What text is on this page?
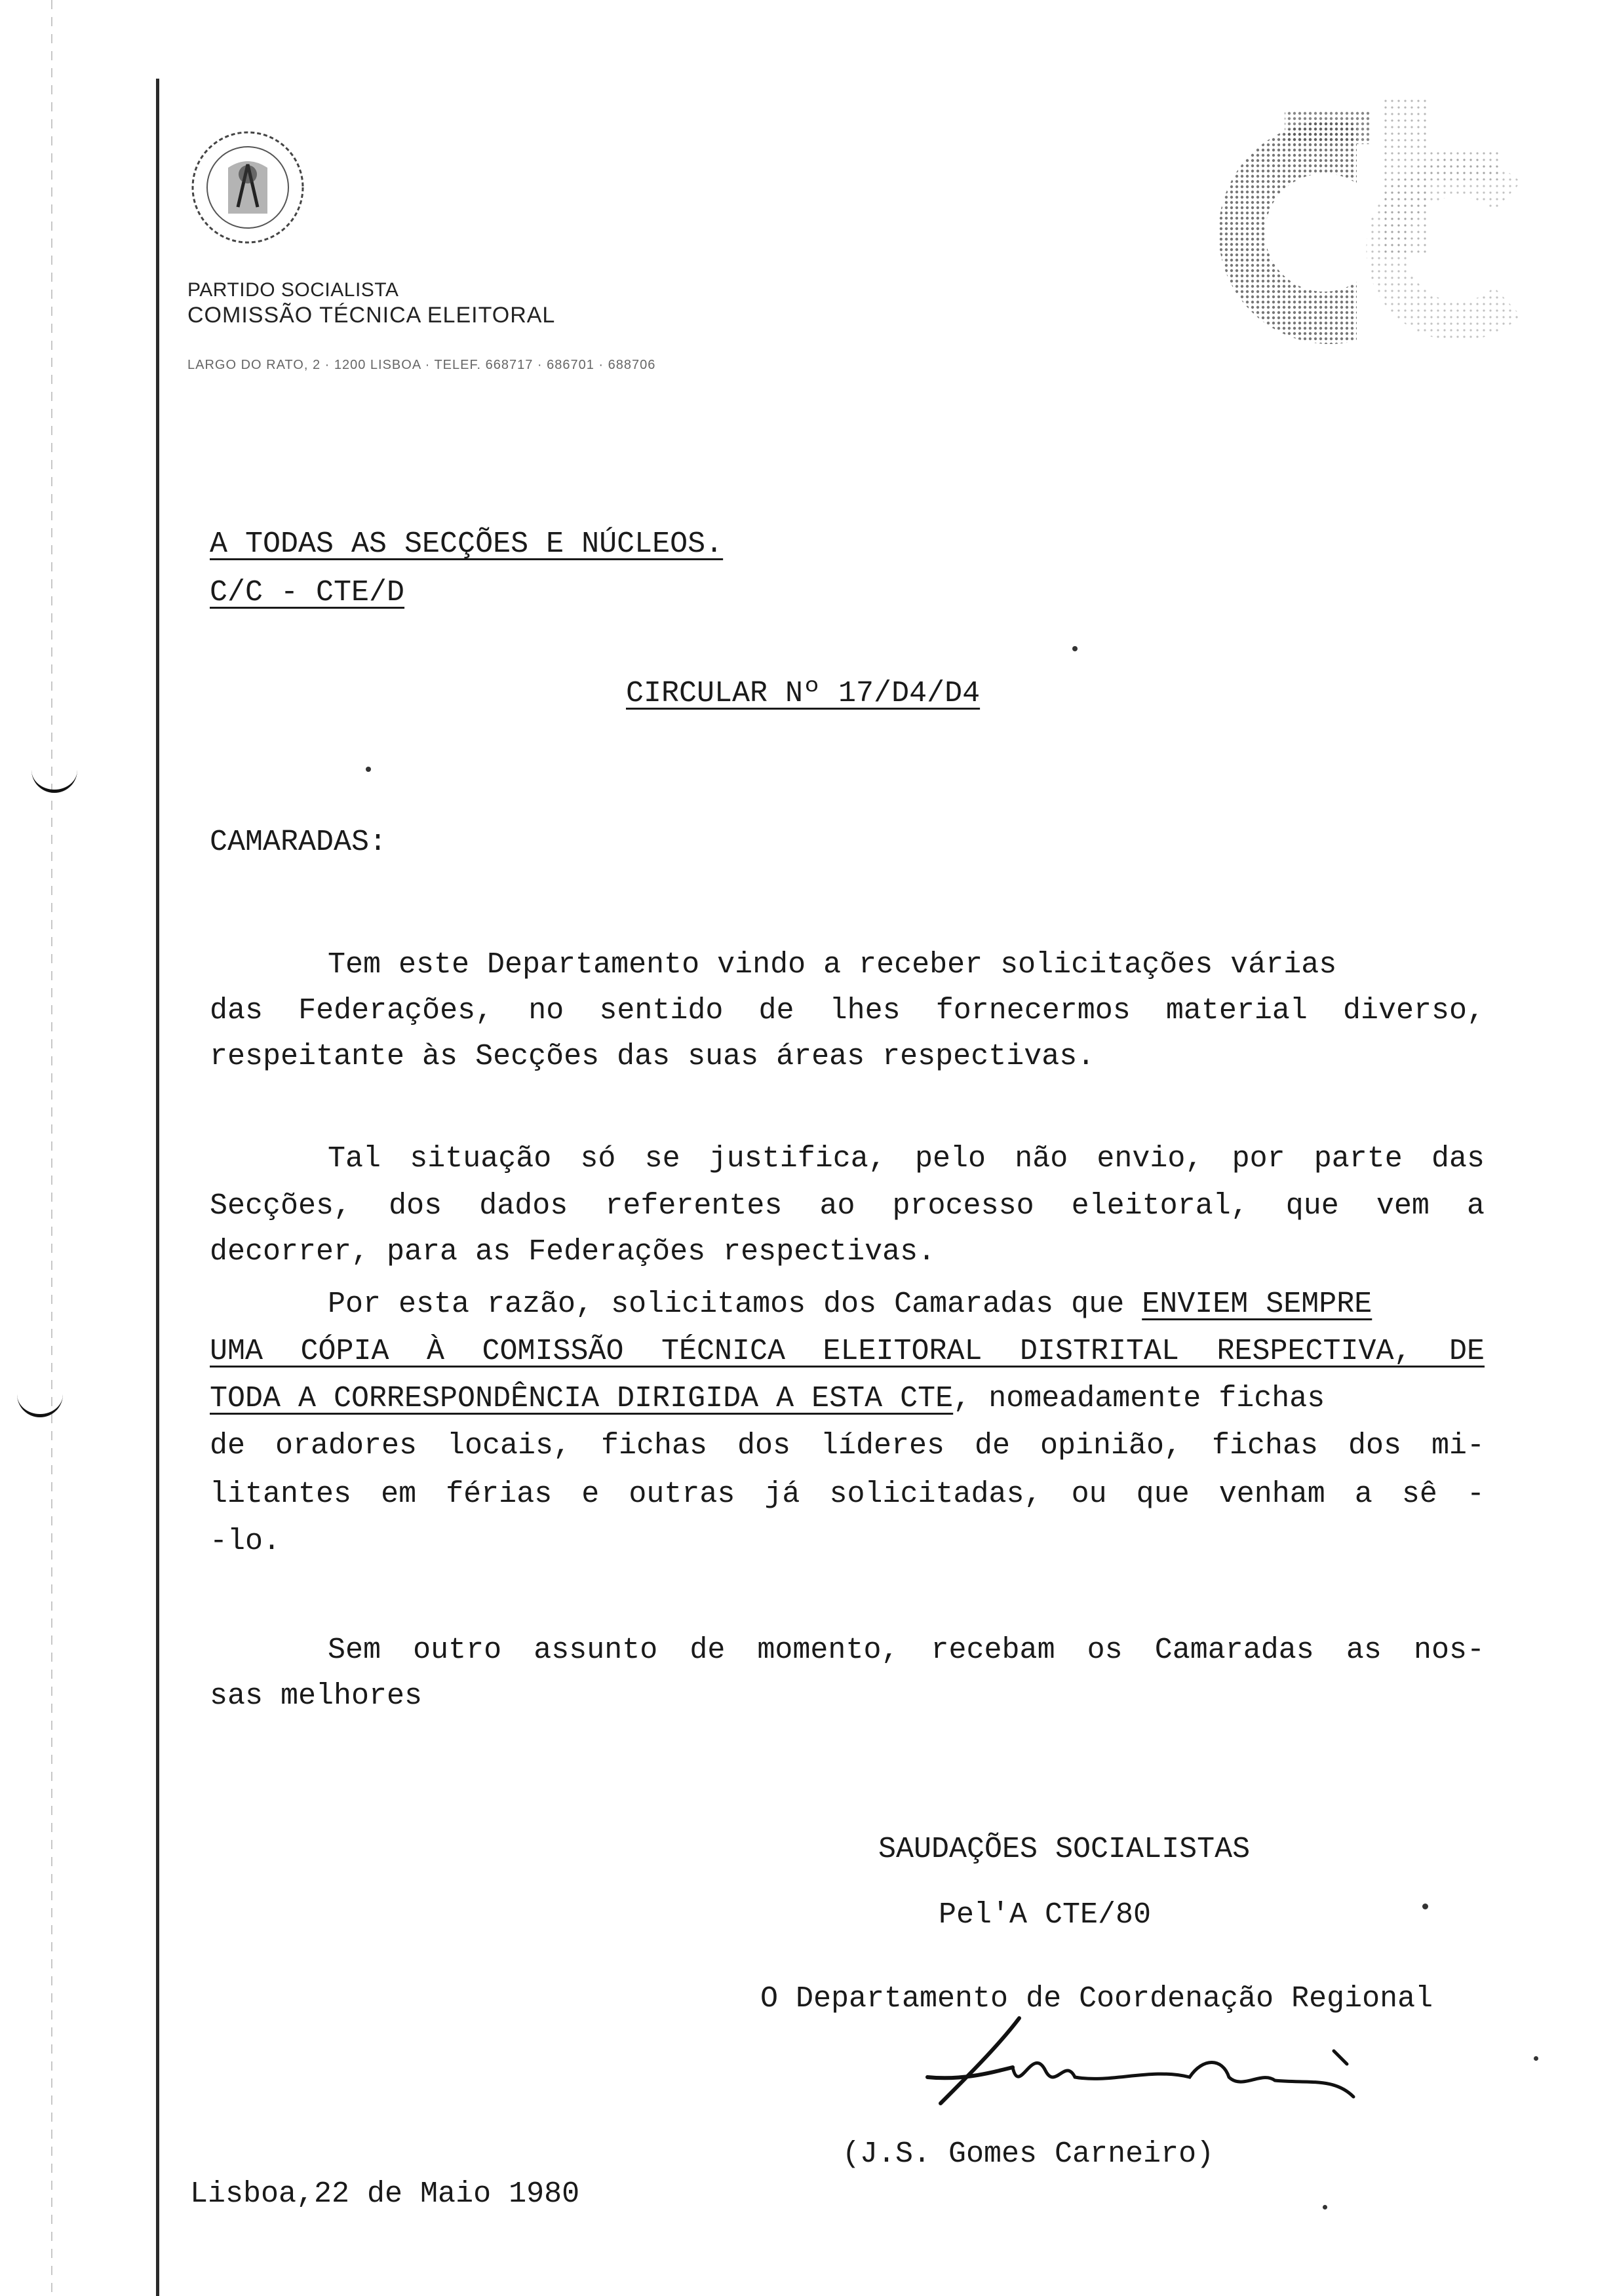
PARTIDO SOCIALISTA
COMISSÃO TÉCNICA ELEITORAL
LARGO DO RATO, 2 · 1200 LISBOA · TELEF. 668717 · 686701 · 688706
A TODAS AS SECÇÕES E NÚCLEOS.
C/C - CTE/D
CIRCULAR Nº 17/D4/D4
CAMARADAS:
Tem este Departamento vindo a receber solicitações várias
das Federações, no sentido de lhes fornecermos material diverso,
respeitante às Secções das suas áreas respectivas.
Tal situação só se justifica, pelo não envio, por parte das
Secções, dos dados referentes ao processo eleitoral, que vem a
decorrer, para as Federações respectivas.
Por esta razão, solicitamos dos Camaradas que ENVIEM SEMPRE
UMA CÓPIA À COMISSÃO TÉCNICA ELEITORAL DISTRITAL RESPECTIVA, DE
TODA A CORRESPONDÊNCIA DIRIGIDA A ESTA CTE, nomeadamente fichas
de oradores locais, fichas dos líderes de opinião, fichas dos mi-
litantes em férias e outras já solicitadas, ou que venham a sê -
-lo.
Sem outro assunto de momento, recebam os Camaradas as nos-
sas melhores
SAUDAÇÕES SOCIALISTAS
Pel'A CTE/80
O Departamento de Coordenação Regional
(J.S. Gomes Carneiro)
Lisboa,22 de Maio 1980
